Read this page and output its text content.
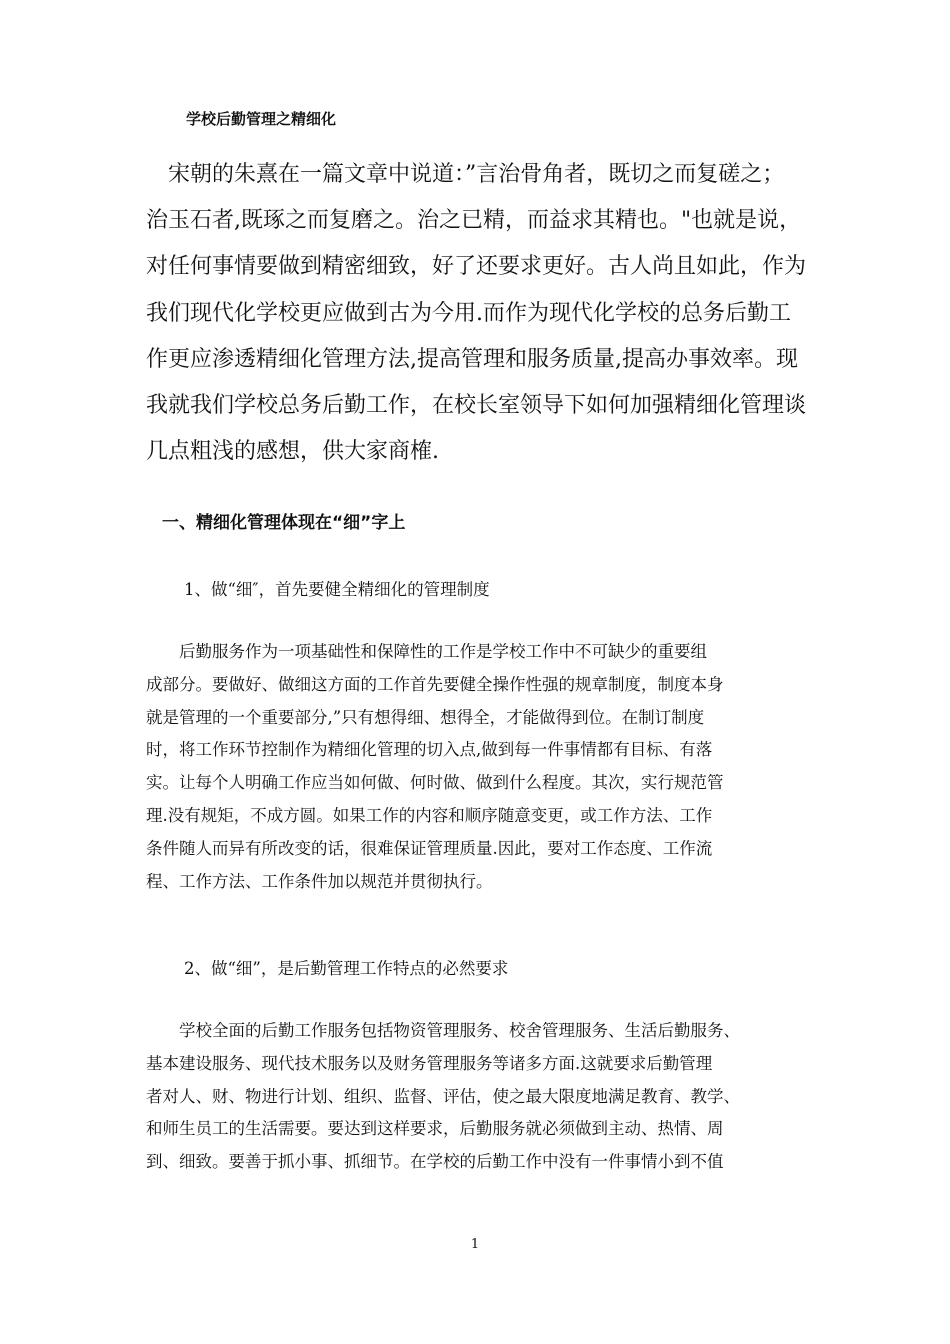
学校后勤管理之精细化
　宋朝的朱熹在一篇文章中说道：”言治骨角者，既切之而复磋之；
治玉石者,既琢之而复磨之。治之已精，而益求其精也。"也就是说，
对任何事情要做到精密细致，好了还要求更好。古人尚且如此，作为
我们现代化学校更应做到古为今用.而作为现代化学校的总务后勤工
作更应渗透精细化管理方法,提高管理和服务质量,提高办事效率。现
我就我们学校总务后勤工作，在校长室领导下如何加强精细化管理谈
几点粗浅的感想，供大家商榷.
一、精细化管理体现在“细”字上
1、做“细″，首先要健全精细化的管理制度
　　后勤服务作为一项基础性和保障性的工作是学校工作中不可缺少的重要组
成部分。要做好、做细这方面的工作首先要健全操作性强的规章制度，制度本身
就是管理的一个重要部分,”只有想得细、想得全，才能做得到位。在制订制度
时，将工作环节控制作为精细化管理的切入点,做到每一件事情都有目标、有落
实。让每个人明确工作应当如何做、何时做、做到什么程度。其次，实行规范管
理.没有规矩，不成方圆。如果工作的内容和顺序随意变更，或工作方法、工作
条件随人而异有所改变的话，很难保证管理质量.因此，要对工作态度、工作流
程、工作方法、工作条件加以规范并贯彻执行。
2、做“细”，是后勤管理工作特点的必然要求
　　学校全面的后勤工作服务包括物资管理服务、校舍管理服务、生活后勤服务、
基本建设服务、现代技术服务以及财务管理服务等诸多方面.这就要求后勤管理
者对人、财、物进行计划、组织、监督、评估，使之最大限度地满足教育、教学、
和师生员工的生活需要。要达到这样要求，后勤服务就必须做到主动、热情、周
到、细致。要善于抓小事、抓细节。在学校的后勤工作中没有一件事情小到不值
1
